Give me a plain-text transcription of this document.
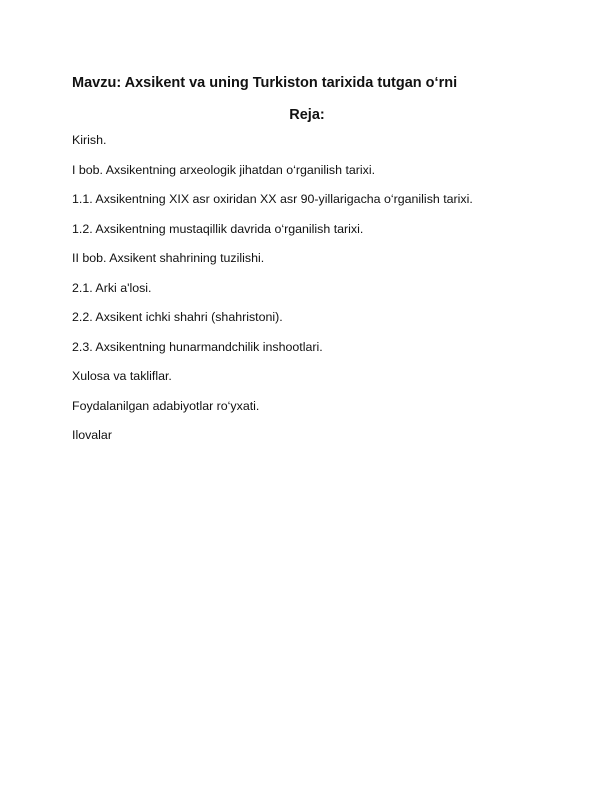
Mavzu: Axsikent va uning Turkiston tarixida tutgan o‘rni
Reja:
Kirish.
I bob. Axsikentning arxeologik jihatdan o‘rganilish tarixi.
1.1. Axsikentning XIX asr oxiridan XX asr 90-yillarigacha o‘rganilish tarixi.
1.2. Axsikentning mustaqillik davrida o‘rganilish tarixi.
II bob. Axsikent shahrining tuzilishi.
2.1. Arki a'losi.
2.2. Axsikent ichki shahri (shahristoni).
2.3. Axsikentning hunarmandchilik inshootlari.
Xulosa va takliflar.
Foydalanilgan adabiyotlar ro‘yxati.
Ilovalar
